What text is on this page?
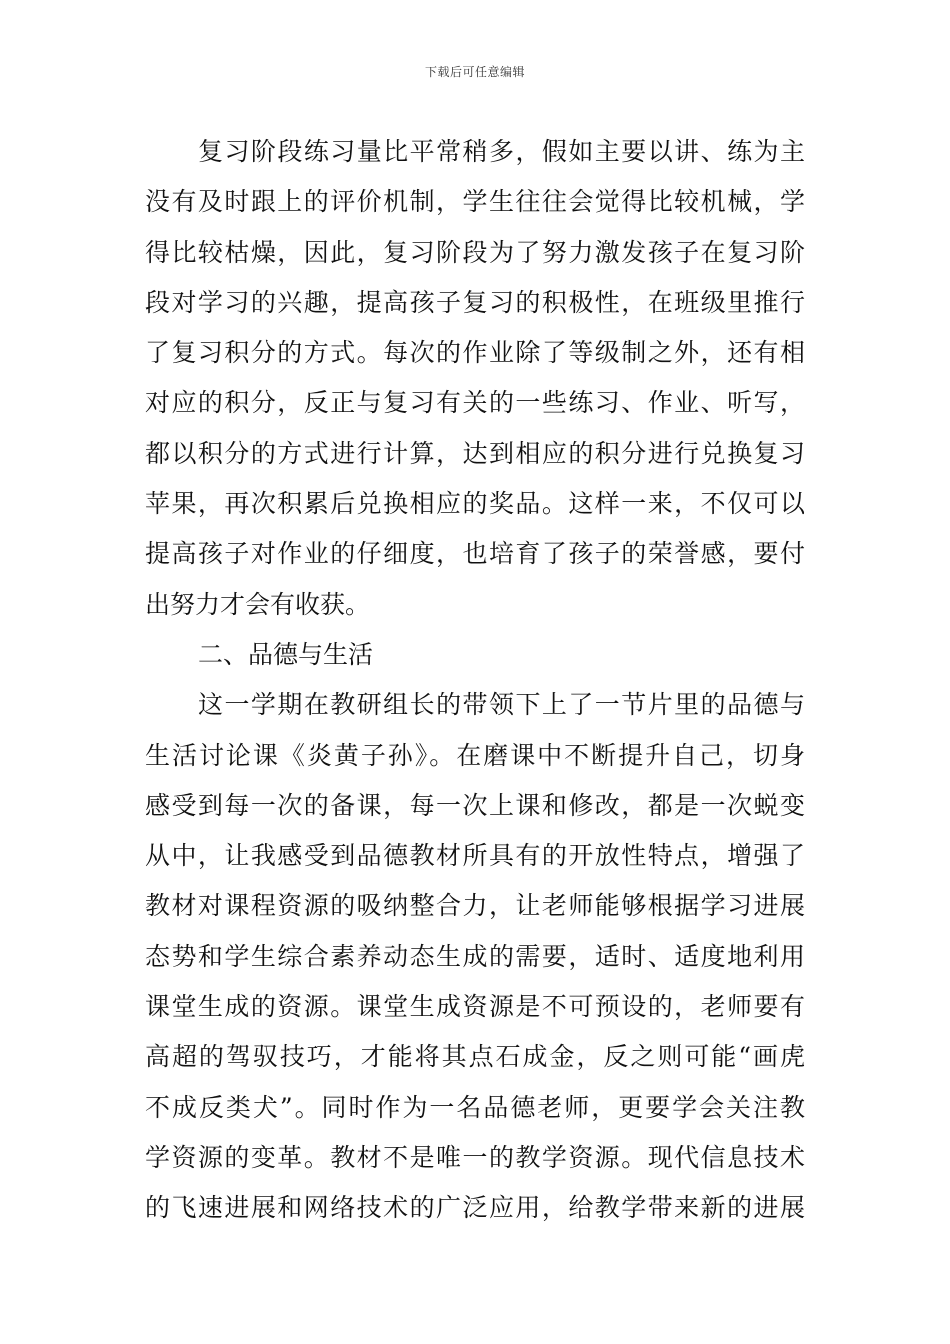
下载后可任意编辑
复习阶段练习量比平常稍多，假如主要以讲、练为主
没有及时跟上的评价机制，学生往往会觉得比较机械，学
得比较枯燥，因此，复习阶段为了努力激发孩子在复习阶
段对学习的兴趣，提高孩子复习的积极性，在班级里推行
了复习积分的方式。每次的作业除了等级制之外，还有相
对应的积分，反正与复习有关的一些练习、作业、听写，
都以积分的方式进行计算，达到相应的积分进行兑换复习
苹果，再次积累后兑换相应的奖品。这样一来，不仅可以
提高孩子对作业的仔细度，也培育了孩子的荣誉感，要付
出努力才会有收获。
二、品德与生活
这一学期在教研组长的带领下上了一节片里的品德与
生活讨论课《炎黄子孙》。在磨课中不断提升自己，切身
感受到每一次的备课，每一次上课和修改，都是一次蜕变
从中，让我感受到品德教材所具有的开放性特点，增强了
教材对课程资源的吸纳整合力，让老师能够根据学习进展
态势和学生综合素养动态生成的需要，适时、适度地利用
课堂生成的资源。课堂生成资源是不可预设的，老师要有
高超的驾驭技巧，才能将其点石成金，反之则可能“画虎
不成反类犬”。同时作为一名品德老师，更要学会关注教
学资源的变革。教材不是唯一的教学资源。现代信息技术
的飞速进展和网络技术的广泛应用，给教学带来新的进展
